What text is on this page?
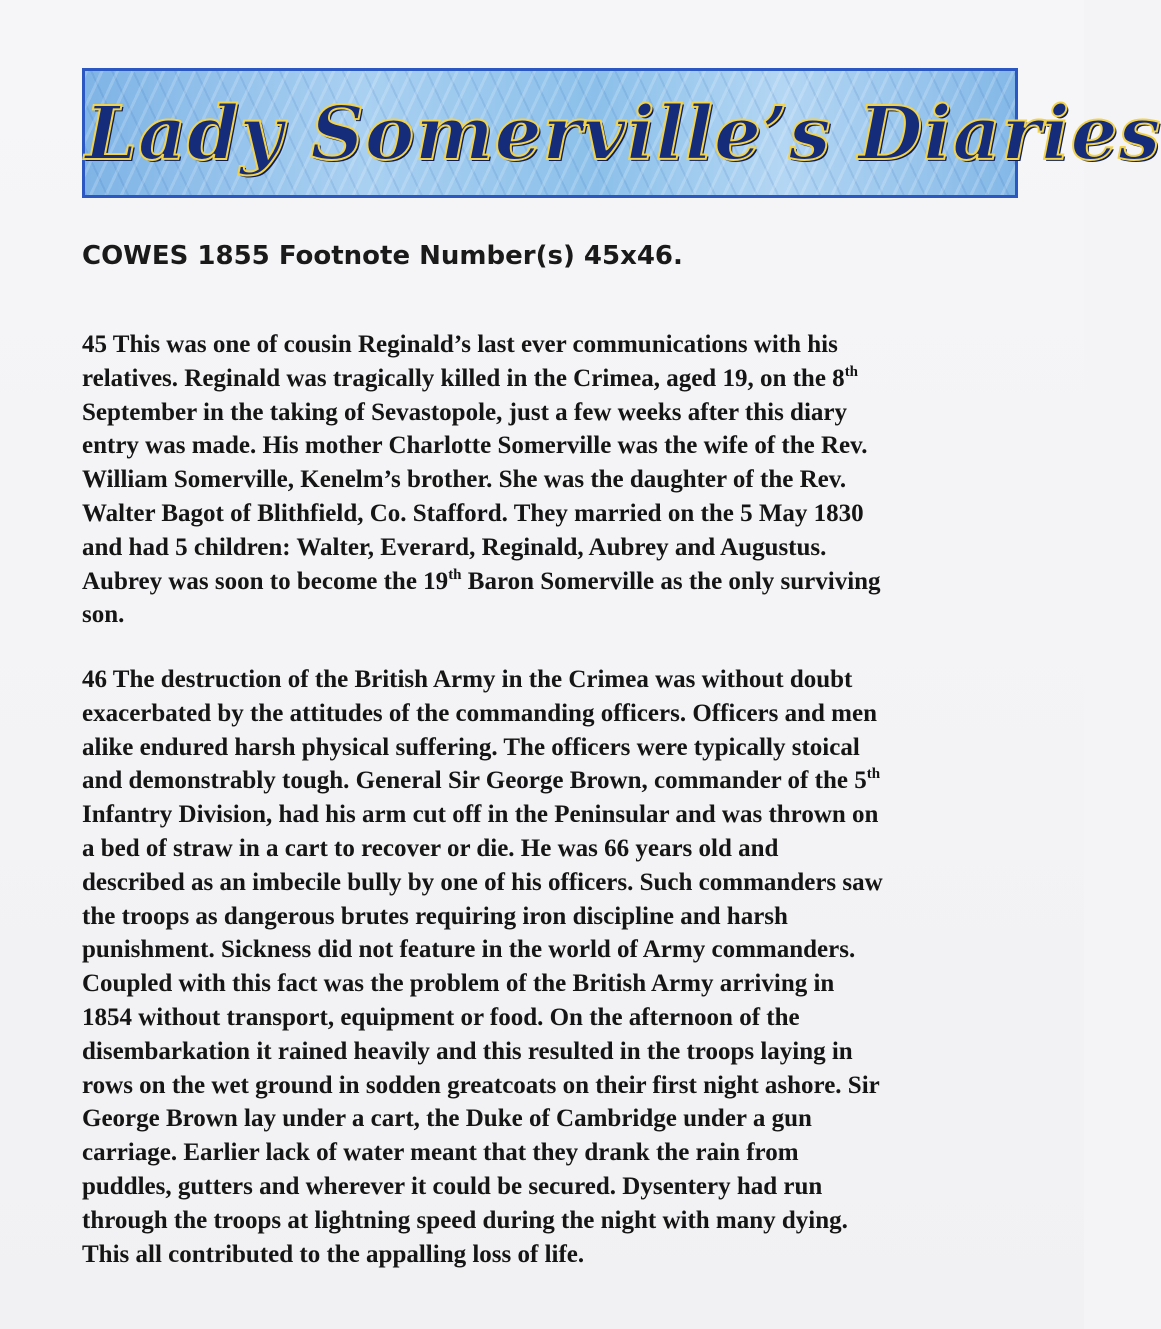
Lady Somerville’s Diaries
COWES 1855 Footnote Number(s) 45x46.

45 This was one of cousin Reginald’s last ever communications with his
relatives. Reginald was tragically killed in the Crimea, aged 19, on the 8th
September in the taking of Sevastopole, just a few weeks after this diary
entry was made. His mother Charlotte Somerville was the wife of the Rev.
William Somerville, Kenelm’s brother. She was the daughter of the Rev.
Walter Bagot of Blithfield, Co. Stafford. They married on the 5 May 1830
and had 5 children: Walter, Everard, Reginald, Aubrey and Augustus.
Aubrey was soon to become the 19th Baron Somerville as the only surviving
son.

46 The destruction of the British Army in the Crimea was without doubt
exacerbated by the attitudes of the commanding officers. Officers and men
alike endured harsh physical suffering. The officers were typically stoical
and demonstrably tough. General Sir George Brown, commander of the 5th
Infantry Division, had his arm cut off in the Peninsular and was thrown on
a bed of straw in a cart to recover or die. He was 66 years old and
described as an imbecile bully by one of his officers. Such commanders saw
the troops as dangerous brutes requiring iron discipline and harsh
punishment. Sickness did not feature in the world of Army commanders.
Coupled with this fact was the problem of the British Army arriving in
1854 without transport, equipment or food. On the afternoon of the
disembarkation it rained heavily and this resulted in the troops laying in
rows on the wet ground in sodden greatcoats on their first night ashore. Sir
George Brown lay under a cart, the Duke of Cambridge under a gun
carriage. Earlier lack of water meant that they drank the rain from
puddles, gutters and wherever it could be secured. Dysentery had run
through the troops at lightning speed during the night with many dying.
This all contributed to the appalling loss of life.
